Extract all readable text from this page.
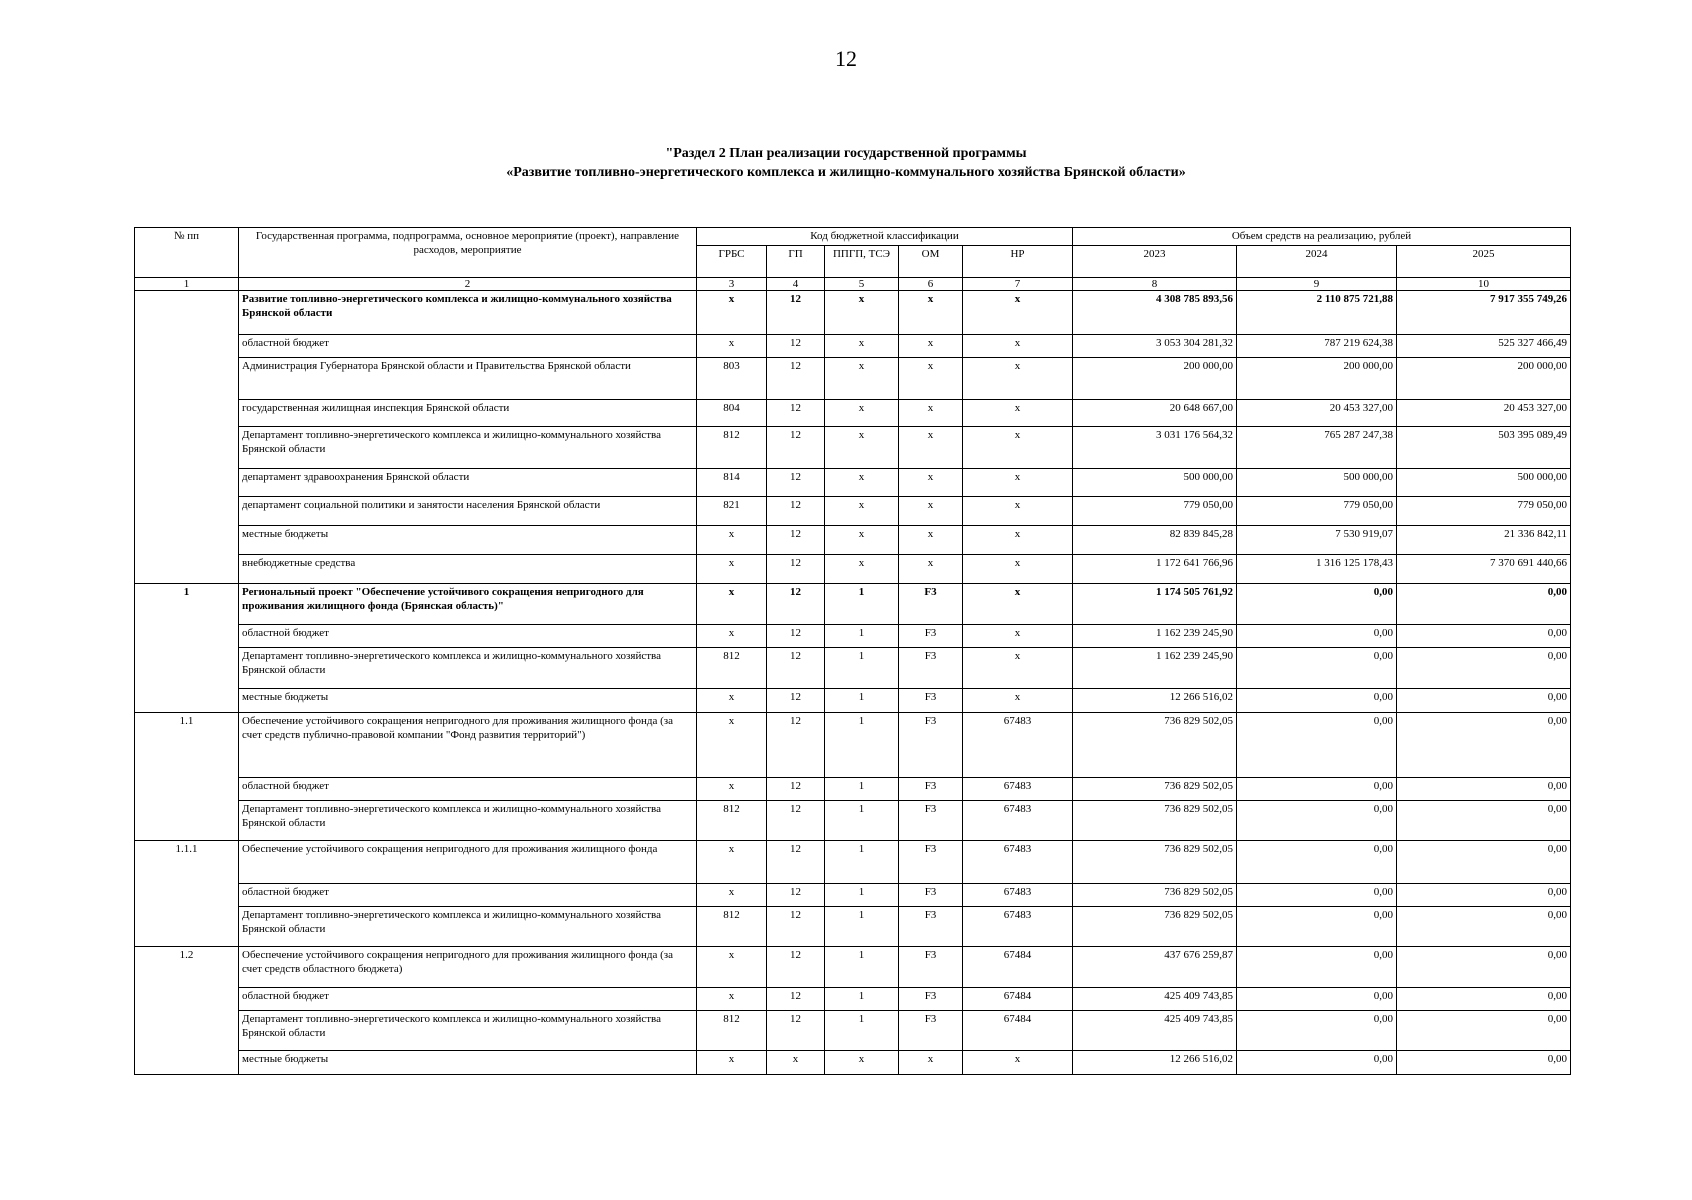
12
"Раздел 2 План реализации государственной программы
«Развитие топливно-энергетического комплекса и жилищно-коммунального хозяйства Брянской области»
№ пп	Государственная программа, подпрограмма, основное мероприятие (проект), направление расходов, мероприятие	Код бюджетной классификации					Объем средств на реализацию, рублей		
		ГРБС	ГП	ППГП, ТСЭ	ОМ	НР	2023	2024	2025
1	2	3	4	5	6	7	8	9	10
	Развитие топливно-энергетического комплекса и жилищно-коммунального хозяйства Брянской области	х	12	х	х	х	4 308 785 893,56	2 110 875 721,88	7 917 355 749,26
	областной бюджет	х	12	х	х	х	3 053 304 281,32	787 219 624,38	525 327 466,49
	Администрация Губернатора Брянской области и Правительства Брянской области	803	12	х	х	х	200 000,00	200 000,00	200 000,00
	государственная жилищная инспекция Брянской области	804	12	х	х	х	20 648 667,00	20 453 327,00	20 453 327,00
	Департамент топливно-энергетического комплекса и жилищно-коммунального хозяйства Брянской области	812	12	х	х	х	3 031 176 564,32	765 287 247,38	503 395 089,49
	департамент здравоохранения Брянской области	814	12	х	х	х	500 000,00	500 000,00	500 000,00
	департамент социальной политики и занятости населения Брянской области	821	12	х	х	х	779 050,00	779 050,00	779 050,00
	местные бюджеты	х	12	х	х	х	82 839 845,28	7 530 919,07	21 336 842,11
	внебюджетные средства	х	12	х	х	х	1 172 641 766,96	1 316 125 178,43	7 370 691 440,66
1	Региональный проект "Обеспечение устойчивого сокращения непригодного для проживания жилищного фонда (Брянская область)"	х	12	1	F3	х	1 174 505 761,92	0,00	0,00
	областной бюджет	х	12	1	F3	х	1 162 239 245,90	0,00	0,00
	Департамент топливно-энергетического комплекса и жилищно-коммунального хозяйства Брянской области	812	12	1	F3	х	1 162 239 245,90	0,00	0,00
	местные бюджеты	х	12	1	F3	х	12 266 516,02	0,00	0,00
1.1	Обеспечение устойчивого сокращения непригодного для проживания жилищного фонда (за счет средств публично-правовой компании "Фонд развития территорий")	х	12	1	F3	67483	736 829 502,05	0,00	0,00
	областной бюджет	х	12	1	F3	67483	736 829 502,05	0,00	0,00
	Департамент топливно-энергетического комплекса и жилищно-коммунального хозяйства Брянской области	812	12	1	F3	67483	736 829 502,05	0,00	0,00
1.1.1	Обеспечение устойчивого сокращения непригодного для проживания жилищного фонда	х	12	1	F3	67483	736 829 502,05	0,00	0,00
	областной бюджет	х	12	1	F3	67483	736 829 502,05	0,00	0,00
	Департамент топливно-энергетического комплекса и жилищно-коммунального хозяйства Брянской области	812	12	1	F3	67483	736 829 502,05	0,00	0,00
1.2	Обеспечение устойчивого сокращения непригодного для проживания жилищного фонда (за счет средств областного бюджета)	х	12	1	F3	67484	437 676 259,87	0,00	0,00
	областной бюджет	х	12	1	F3	67484	425 409 743,85	0,00	0,00
	Департамент топливно-энергетического комплекса и жилищно-коммунального хозяйства Брянской области	812	12	1	F3	67484	425 409 743,85	0,00	0,00
	местные бюджеты	х	х	х	х	х	12 266 516,02	0,00	0,00
